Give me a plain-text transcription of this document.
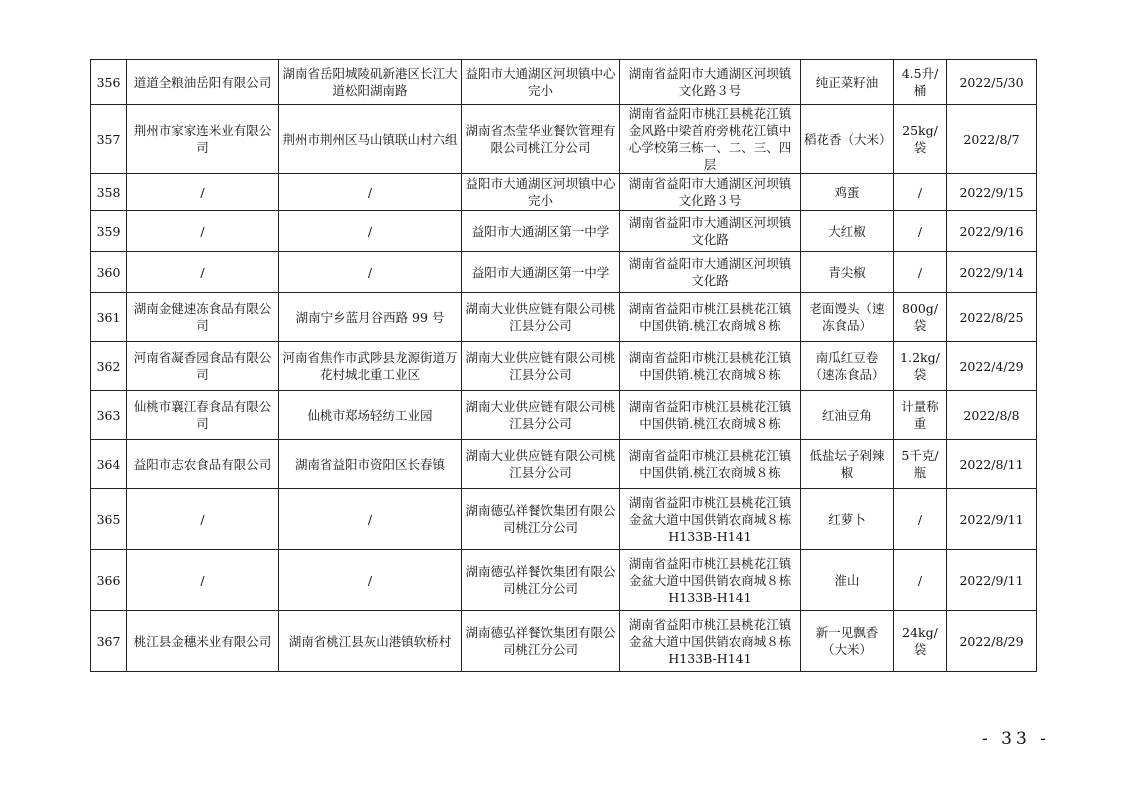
356	道道全粮油岳阳有限公司	湖南省岳阳城陵矶新港区长江大道松阳湖南路	益阳市大通湖区河坝镇中心完小	湖南省益阳市大通湖区河坝镇文化路３号	纯正菜籽油	4.5升/桶	2022/5/30
357	荆州市家家连米业有限公司	荆州市荆州区马山镇联山村六组	湖南省杰莹华业餐饮管理有限公司桃江分公司	湖南省益阳市桃江县桃花江镇金风路中梁首府旁桃花江镇中心学校第三栋一、二、三、四层	稻花香（大米）	25kg/袋	2022/8/7
358	/	/	益阳市大通湖区河坝镇中心完小	湖南省益阳市大通湖区河坝镇文化路３号	鸡蛋	/	2022/9/15
359	/	/	益阳市大通湖区第一中学	湖南省益阳市大通湖区河坝镇文化路	大红椒	/	2022/9/16
360	/	/	益阳市大通湖区第一中学	湖南省益阳市大通湖区河坝镇文化路	青尖椒	/	2022/9/14
361	湖南金健速冻食品有限公司	湖南宁乡蓝月谷西路 99 号	湖南大业供应链有限公司桃江县分公司	湖南省益阳市桃江县桃花江镇中国供销.桃江农商城８栋	老面馒头（速冻食品）	800g/袋	2022/8/25
362	河南省凝香园食品有限公司	河南省焦作市武陟县龙源街道万花村城北重工业区	湖南大业供应链有限公司桃江县分公司	湖南省益阳市桃江县桃花江镇中国供销.桃江农商城８栋	南瓜红豆卷（速冻食品）	1.2kg/袋	2022/4/29
363	仙桃市襄江春食品有限公司	仙桃市郑场轻纺工业园	湖南大业供应链有限公司桃江县分公司	湖南省益阳市桃江县桃花江镇中国供销.桃江农商城８栋	红油豆角	计量称重	2022/8/8
364	益阳市志农食品有限公司	湖南省益阳市资阳区长春镇	湖南大业供应链有限公司桃江县分公司	湖南省益阳市桃江县桃花江镇中国供销.桃江农商城８栋	低盐坛子剁辣椒	5千克/瓶	2022/8/11
365	/	/	湖南德弘祥餐饮集团有限公司桃江分公司	湖南省益阳市桃江县桃花江镇金盆大道中国供销农商城８栋H133B-H141	红萝卜	/	2022/9/11
366	/	/	湖南德弘祥餐饮集团有限公司桃江分公司	湖南省益阳市桃江县桃花江镇金盆大道中国供销农商城８栋H133B-H141	淮山	/	2022/9/11
367	桃江县金穗米业有限公司	湖南省桃江县灰山港镇软桥村	湖南德弘祥餐饮集团有限公司桃江分公司	湖南省益阳市桃江县桃花江镇金盆大道中国供销农商城８栋H133B-H141	新一见飘香（大米）	24kg/袋	2022/8/29
- 33 -
